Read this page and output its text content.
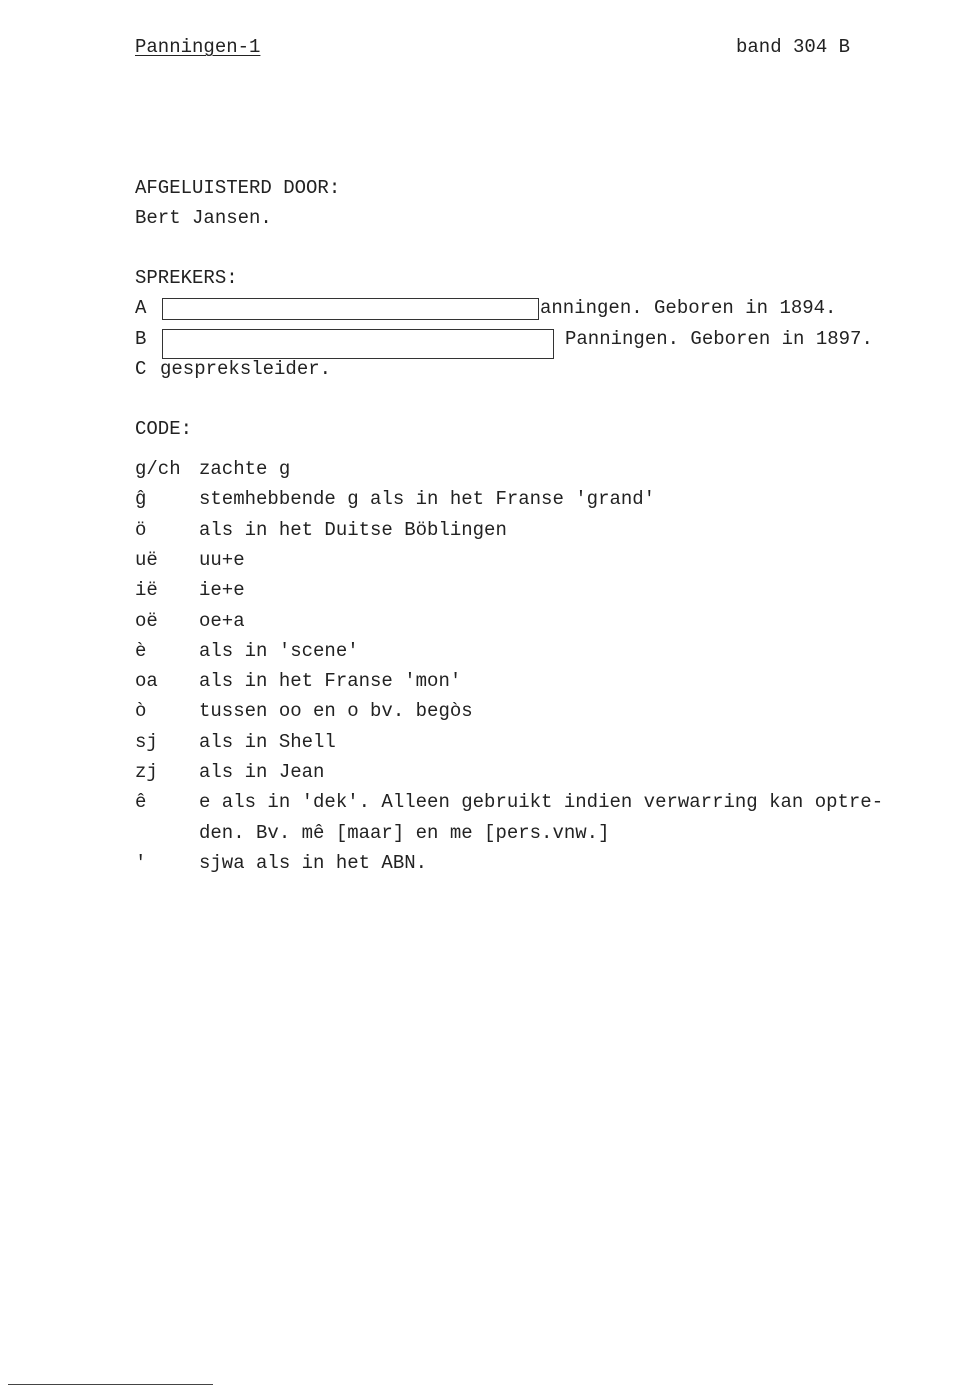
Panningen-1	band 304 B
AFGELUISTERD DOOR:
Bert Jansen.
SPREKERS:
A	anningen. Geboren in 1894.
B	Panningen. Geboren in 1897.
C gespreksleider.
CODE:
g/ch zachte g
ĝ	stemhebbende g als in het Franse 'grand'
ö	als in het Duitse Böblingen
uë uu+e
ië ie+e
oë oe+a
è	als in 'scene'
oa als in het Franse 'mon'
ò	tussen oo en o bv. begòs
sj als in Shell
zj als in Jean
ê	e als in 'dek'. Alleen gebruikt indien verwarring kan optre-
den. Bv. mê [maar] en me [pers.vnw.]
'	sjwa als in het ABN.
